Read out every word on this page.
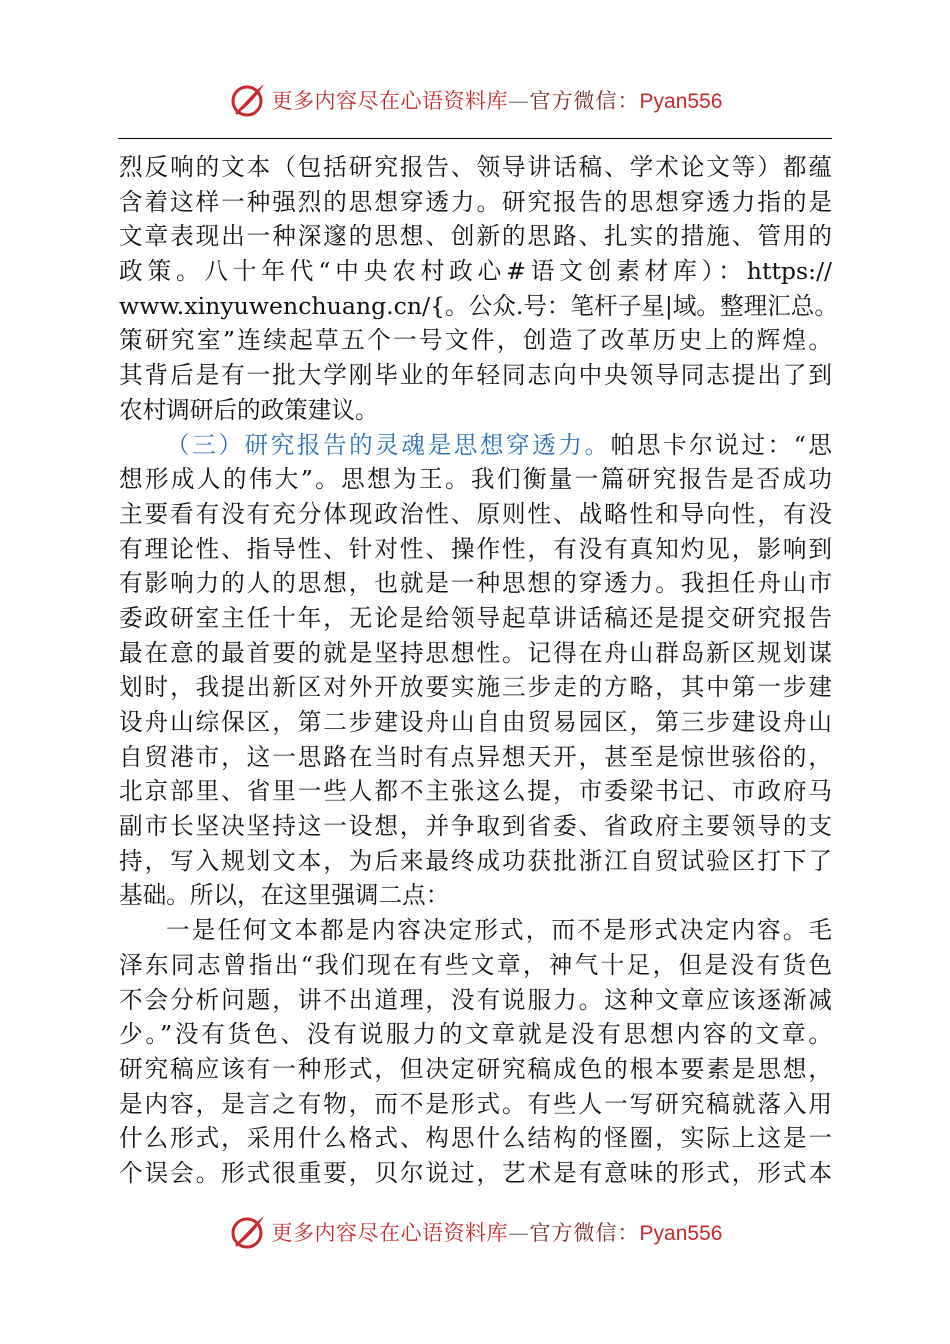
更多内容尽在心语资料库—官方微信：Pyan556
烈反响的文本（包括研究报告、领导讲话稿、学术论文等）都蕴
含着这样一种强烈的思想穿透力。研究报告的思想穿透力指的是
文章表现出一种深邃的思想、创新的思路、扎实的措施、管用的
政策。八十年代“中央农村政心#语文创素材库）：https://
www.xinyuwenchuang.cn/{。公众.号：笔杆子星|域。整理汇总。
策研究室”连续起草五个一号文件，创造了改革历史上的辉煌。
其背后是有一批大学刚毕业的年轻同志向中央领导同志提出了到
农村调研后的政策建议。
（三）研究报告的灵魂是思想穿透力。帕思卡尔说过：“思
想形成人的伟大”。思想为王。我们衡量一篇研究报告是否成功
主要看有没有充分体现政治性、原则性、战略性和导向性，有没
有理论性、指导性、针对性、操作性，有没有真知灼见，影响到
有影响力的人的思想，也就是一种思想的穿透力。我担任舟山市
委政研室主任十年，无论是给领导起草讲话稿还是提交研究报告
最在意的最首要的就是坚持思想性。记得在舟山群岛新区规划谋
划时，我提出新区对外开放要实施三步走的方略，其中第一步建
设舟山综保区，第二步建设舟山自由贸易园区，第三步建设舟山
自贸港市，这一思路在当时有点异想天开，甚至是惊世骇俗的，
北京部里、省里一些人都不主张这么提，市委梁书记、市政府马
副市长坚决坚持这一设想，并争取到省委、省政府主要领导的支
持，写入规划文本，为后来最终成功获批浙江自贸试验区打下了
基础。所以，在这里强调二点：
一是任何文本都是内容决定形式，而不是形式决定内容。毛
泽东同志曾指出“我们现在有些文章，神气十足，但是没有货色
不会分析问题，讲不出道理，没有说服力。这种文章应该逐渐减
少。”没有货色、没有说服力的文章就是没有思想内容的文章。
研究稿应该有一种形式，但决定研究稿成色的根本要素是思想，
是内容，是言之有物，而不是形式。有些人一写研究稿就落入用
什么形式，采用什么格式、构思什么结构的怪圈，实际上这是一
个误会。形式很重要，贝尔说过，艺术是有意味的形式，形式本
更多内容尽在心语资料库—官方微信：Pyan556
